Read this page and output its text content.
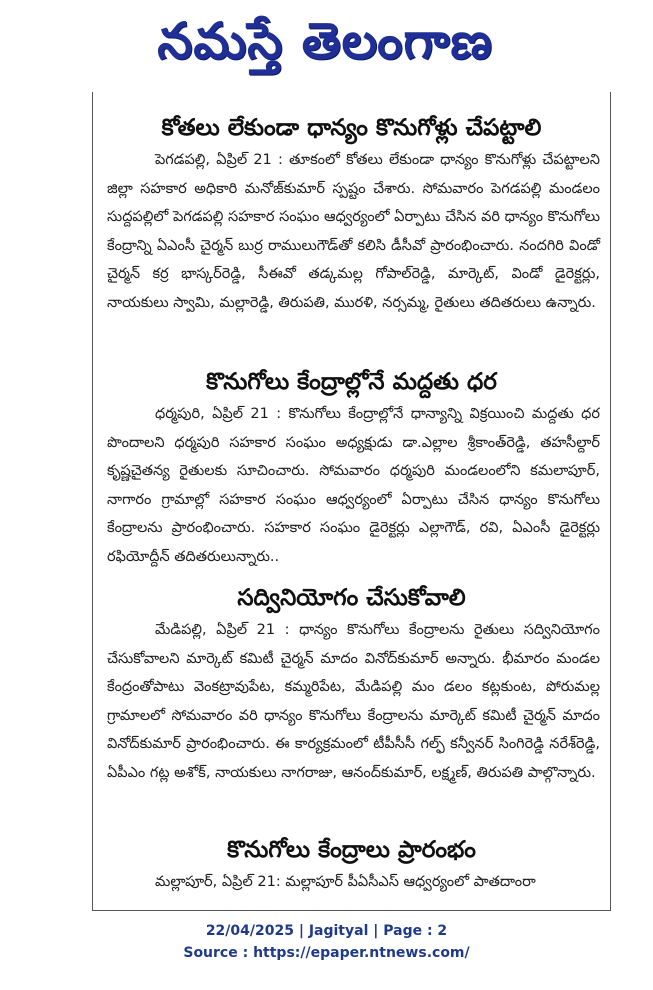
నమస్తే తెలంగాణ
కోతలు లేకుండా ధాన్యం కొనుగోళ్లు చేపట్టాలి

పెగడపల్లి, ఏప్రిల్ 21 : తూకంలో కోతలు లేకుండా ధాన్యం కొనుగోళ్లు చేపట్టాలని జిల్లా సహకార అధికారి మనోజ్‌కుమార్ స్పష్టం చేశారు. సోమవారం పెగడపల్లి మండలం సుద్దపల్లిలో పెగడపల్లి సహకార సంఘం ఆధ్వర్యంలో ఏర్పాటు చేసిన వరి ధాన్యం కొనుగోలు కేంద్రాన్ని ఏఎంసీ చైర్మన్ బుర్ర రాములుగౌడ్‌తో కలిసి డీసీవో ప్రారంభించారు. నందగిరి విండో చైర్మన్ కర్ర భాస్కర్‌రెడ్డి, సీఈవో తడ్కమల్ల గోపాల్‌రెడ్డి, మార్కెట్, విండో డైరెక్టర్లు, నాయకులు స్వామి, మల్లారెడ్డి, తిరుపతి, మురళి, నర్సమ్మ, రైతులు తదితరులు ఉన్నారు.

కొనుగోలు కేంద్రాల్లోనే మద్దతు ధర

ధర్మపురి, ఏప్రిల్ 21 : కొనుగోలు కేంద్రాల్లోనే ధాన్యాన్ని విక్రయించి మద్దతు ధర పొందాలని ధర్మపురి సహకార సంఘం అధ్యక్షుడు డా.ఎల్లాల శ్రీకాంత్‌రెడ్డి, తహసీల్దార్ కృష్ణచైతన్య రైతులకు సూచించారు. సోమవారం ధర్మపురి మండలంలోని కమలాపూర్, నాగారం గ్రామాల్లో సహకార సంఘం ఆధ్వర్యంలో ఏర్పాటు చేసిన ధాన్యం కొనుగోలు కేంద్రాలను ప్రారంభించారు. సహకార సంఘం డైరెక్టర్లు ఎల్లాగౌడ్, రవి, ఏఎంసీ డైరెక్టర్లు రఫియోద్దీన్ తదితరులున్నారు..

సద్వినియోగం చేసుకోవాలి

మేడిపల్లి, ఏప్రిల్ 21 : ధాన్యం కొనుగోలు కేంద్రాలను రైతులు సద్వినియోగం చేసుకోవాలని మార్కెట్ కమిటీ చైర్మన్ మాదం వినోద్‌కుమార్ అన్నారు. భీమారం మండల కేంద్రంతోపాటు వెంకట్రావుపేట, కమ్మరిపేట, మేడిపల్లి మం డలం కట్లకుంట, పోరుమల్ల గ్రామాలలో సోమవారం వరి ధాన్యం కొనుగోలు కేంద్రాలను మార్కెట్ కమిటీ చైర్మన్ మాదం వినోద్‌కుమార్ ప్రారంభించారు. ఈ కార్యక్రమంలో టీపీసీసీ గల్ఫ్ కన్వీనర్ సింగిరెడ్డి నరేశ్‌రెడ్డి, ఏపీఎం గట్ల అశోక్, నాయకులు నాగరాజు, ఆనంద్‌కుమార్, లక్ష్మణ్, తిరుపతి పాల్గొన్నారు.

కొనుగోలు కేంద్రాలు ప్రారంభం

మల్లాపూర్, ఏప్రిల్ 21: మల్లాపూర్ పీఏసీఎస్ ఆధ్వర్యంలో పాతదాంరా

22/04/2025 | Jagityal | Page : 2
Source : https://epaper.ntnews.com/
